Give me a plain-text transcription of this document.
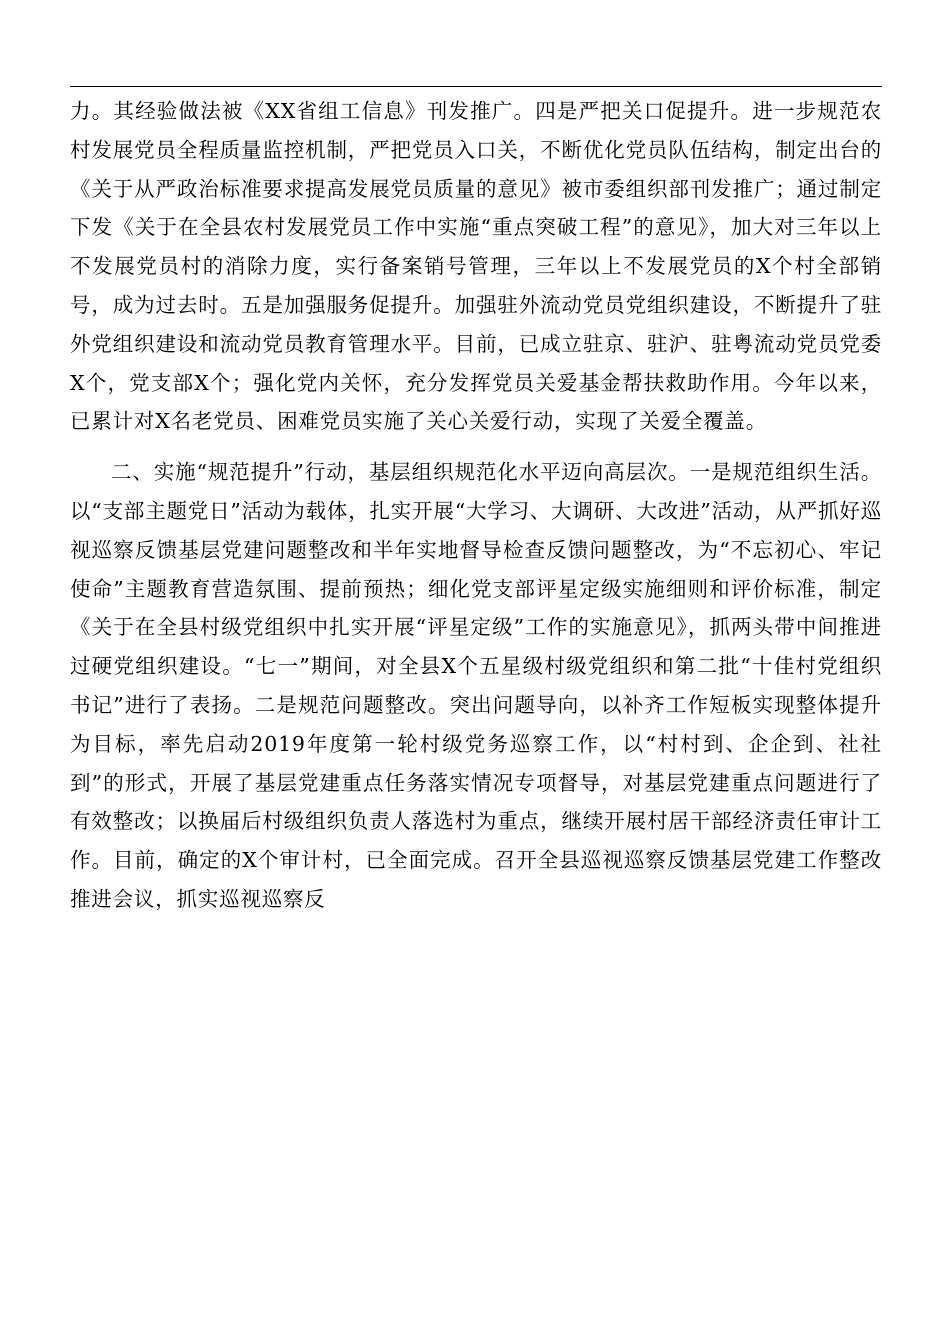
力。其经验做法被《XX省组工信息》刊发推广。四是严把关口促提升。进一步规范农村发展党员全程质量监控机制，严把党员入口关，不断优化党员队伍结构，制定出台的《关于从严政治标准要求提高发展党员质量的意见》被市委组织部刊发推广；通过制定下发《关于在全县农村发展党员工作中实施“重点突破工程”的意见》，加大对三年以上不发展党员村的消除力度，实行备案销号管理，三年以上不发展党员的X个村全部销号，成为过去时。五是加强服务促提升。加强驻外流动党员党组织建设，不断提升了驻外党组织建设和流动党员教育管理水平。目前，已成立驻京、驻沪、驻粤流动党员党委X个，党支部X个；强化党内关怀，充分发挥党员关爱基金帮扶救助作用。今年以来，已累计对X名老党员、困难党员实施了关心关爱行动，实现了关爱全覆盖。

二、实施“规范提升”行动，基层组织规范化水平迈向高层次。一是规范组织生活。以“支部主题党日”活动为载体，扎实开展“大学习、大调研、大改进”活动，从严抓好巡视巡察反馈基层党建问题整改和半年实地督导检查反馈问题整改，为“不忘初心、牢记使命”主题教育营造氛围、提前预热；细化党支部评星定级实施细则和评价标准，制定《关于在全县村级党组织中扎实开展“评星定级”工作的实施意见》，抓两头带中间推进过硬党组织建设。“七一”期间，对全县X个五星级村级党组织和第二批“十佳村党组织书记”进行了表扬。二是规范问题整改。突出问题导向，以补齐工作短板实现整体提升为目标，率先启动2019年度第一轮村级党务巡察工作，以“村村到、企企到、社社到”的形式，开展了基层党建重点任务落实情况专项督导，对基层党建重点问题进行了有效整改；以换届后村级组织负责人落选村为重点，继续开展村居干部经济责任审计工作。目前，确定的X个审计村，已全面完成。召开全县巡视巡察反馈基层党建工作整改推进会议，抓实巡视巡察反
